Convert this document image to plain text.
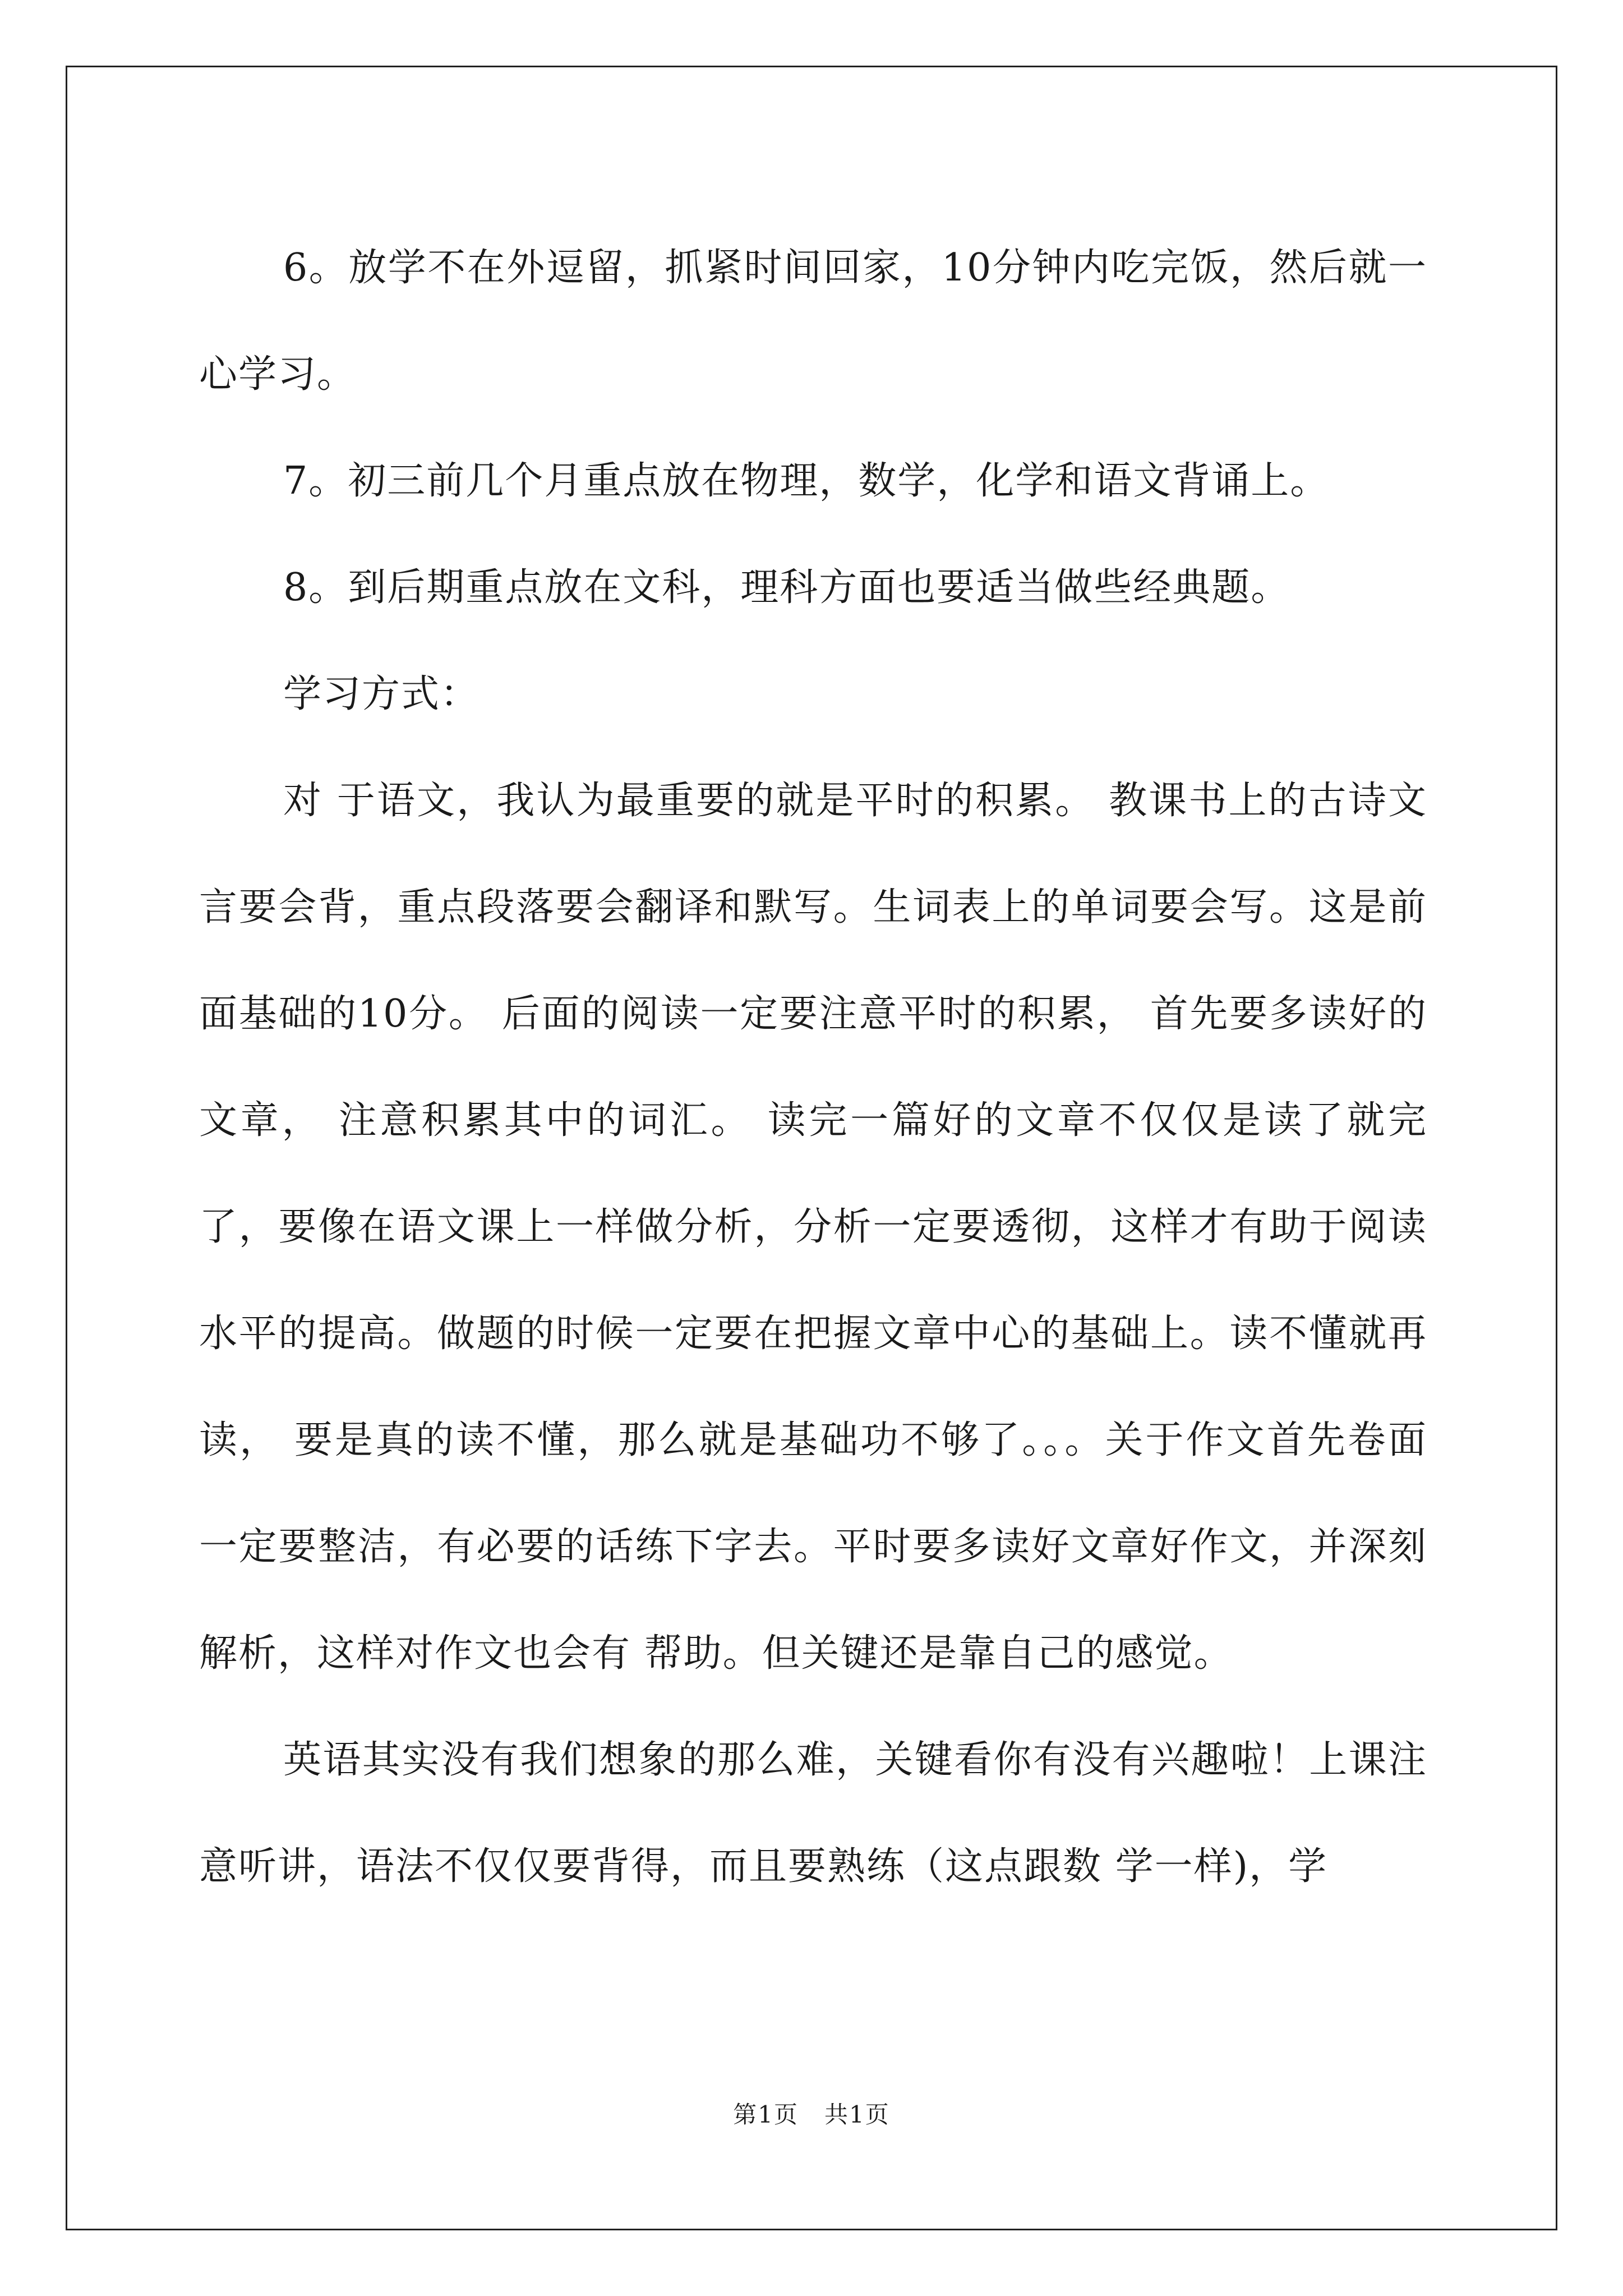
6。放学不在外逗留，抓紧时间回家，10分钟内吃完饭，然后就一心学习。

7。初三前几个月重点放在物理，数学，化学和语文背诵上。

8。到后期重点放在文科，理科方面也要适当做些经典题。

学习方式：

对 于语文，我认为最重要的就是平时的积累。 教课书上的古诗文言要会背，重点段落要会翻译和默写。生词表上的单词要会写。这是前面基础的10分。 后面的阅读一定要注意平时的积累， 首先要多读好的文章， 注意积累其中的词汇。 读完一篇好的文章不仅仅是读了就完了，要像在语文课上一样做分析，分析一定要透彻，这样才有助于阅读水平的提高。做题的时候一定要在把握文章中心的基础上。读不懂就再读， 要是真的读不懂，那么就是基础功不够了。。。关于作文首先卷面一定要整洁，有必要的话练下字去。平时要多读好文章好作文，并深刻解析，这样对作文也会有 帮助。但关键还是靠自己的感觉。

英语其实没有我们想象的那么难，关键看你有没有兴趣啦！上课注意听讲，语法不仅仅要背得，而且要熟练（这点跟数 学一样)，学

第1页   共1页
